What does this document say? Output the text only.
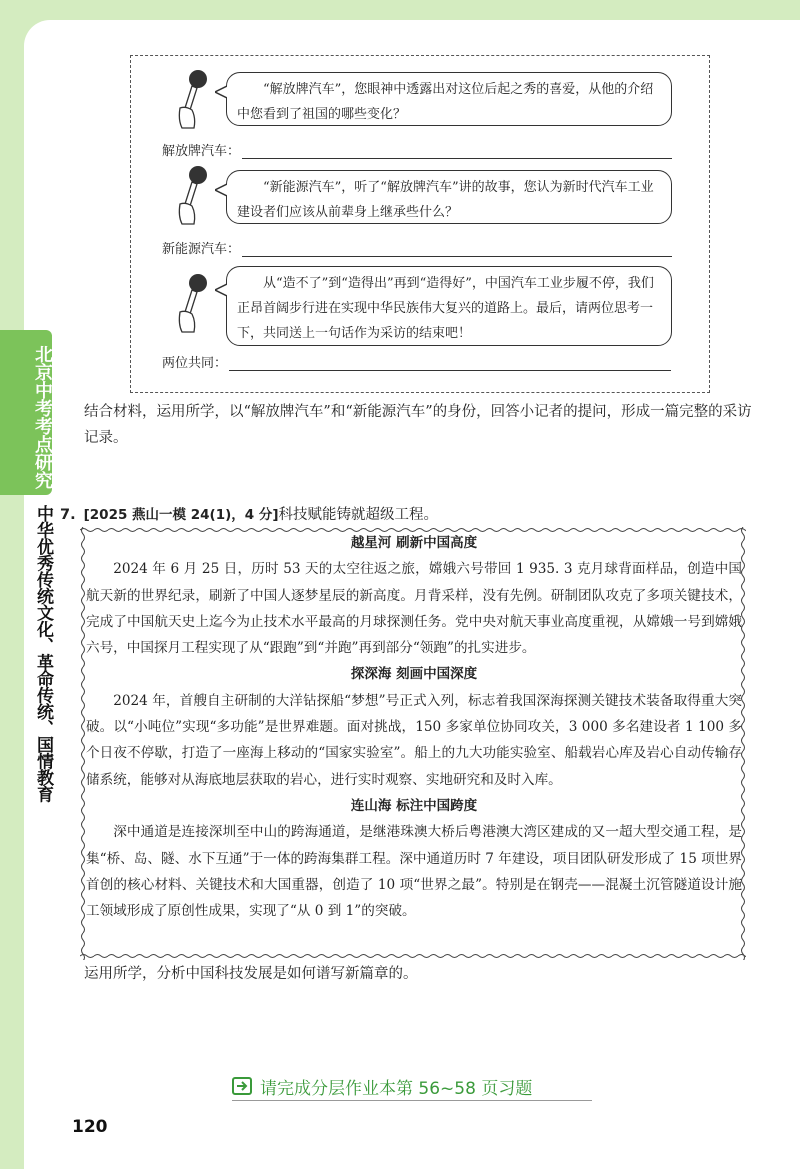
北京中考考点研究
中华优秀传统文化、革命传统、国情教育
“解放牌汽车”，您眼神中透露出对这位后起之秀的喜爱，从他的介绍中您看到了祖国的哪些变化？
解放牌汽车：
“新能源汽车”，听了“解放牌汽车”讲的故事，您认为新时代汽车工业建设者们应该从前辈身上继承些什么？
新能源汽车：
从“造不了”到“造得出”再到“造得好”，中国汽车工业步履不停，我们正昂首阔步行进在实现中华民族伟大复兴的道路上。最后，请两位思考一下，共同送上一句话作为采访的结束吧！
两位共同：
结合材料，运用所学，以“解放牌汽车”和“新能源汽车”的身份，回答小记者的提问，形成一篇完整的采访记录。
7. [2025 燕山一模 24(1)，4 分]科技赋能铸就超级工程。
越星河 刷新中国高度

2024 年 6 月 25 日，历时 53 天的太空往返之旅，嫦娥六号带回 1 935. 3 克月球背面样品，创造中国航天新的世界纪录，刷新了中国人逐梦星辰的新高度。月背采样，没有先例。研制团队攻克了多项关键技术，完成了中国航天史上迄今为止技术水平最高的月球探测任务。党中央对航天事业高度重视，从嫦娥一号到嫦娥六号，中国探月工程实现了从“跟跑”到“并跑”再到部分“领跑”的扎实进步。

探深海 刻画中国深度

2024 年，首艘自主研制的大洋钻探船“梦想”号正式入列，标志着我国深海探测关键技术装备取得重大突破。以“小吨位”实现“多功能”是世界难题。面对挑战，150 多家单位协同攻关，3 000 多名建设者 1 100 多个日夜不停歇，打造了一座海上移动的“国家实验室”。船上的九大功能实验室、船载岩心库及岩心自动传输存储系统，能够对从海底地层获取的岩心，进行实时观察、实地研究和及时入库。

连山海 标注中国跨度

深中通道是连接深圳至中山的跨海通道，是继港珠澳大桥后粤港澳大湾区建成的又一超大型交通工程，是集“桥、岛、隧、水下互通”于一体的跨海集群工程。深中通道历时 7 年建设，项目团队研发形成了 15 项世界首创的核心材料、关键技术和大国重器，创造了 10 项“世界之最”。特别是在钢壳——混凝土沉管隧道设计施工领域形成了原创性成果，实现了“从 0 到 1”的突破。

运用所学，分析中国科技发展是如何谱写新篇章的。
请完成分层作业本第 56~58 页习题
120
